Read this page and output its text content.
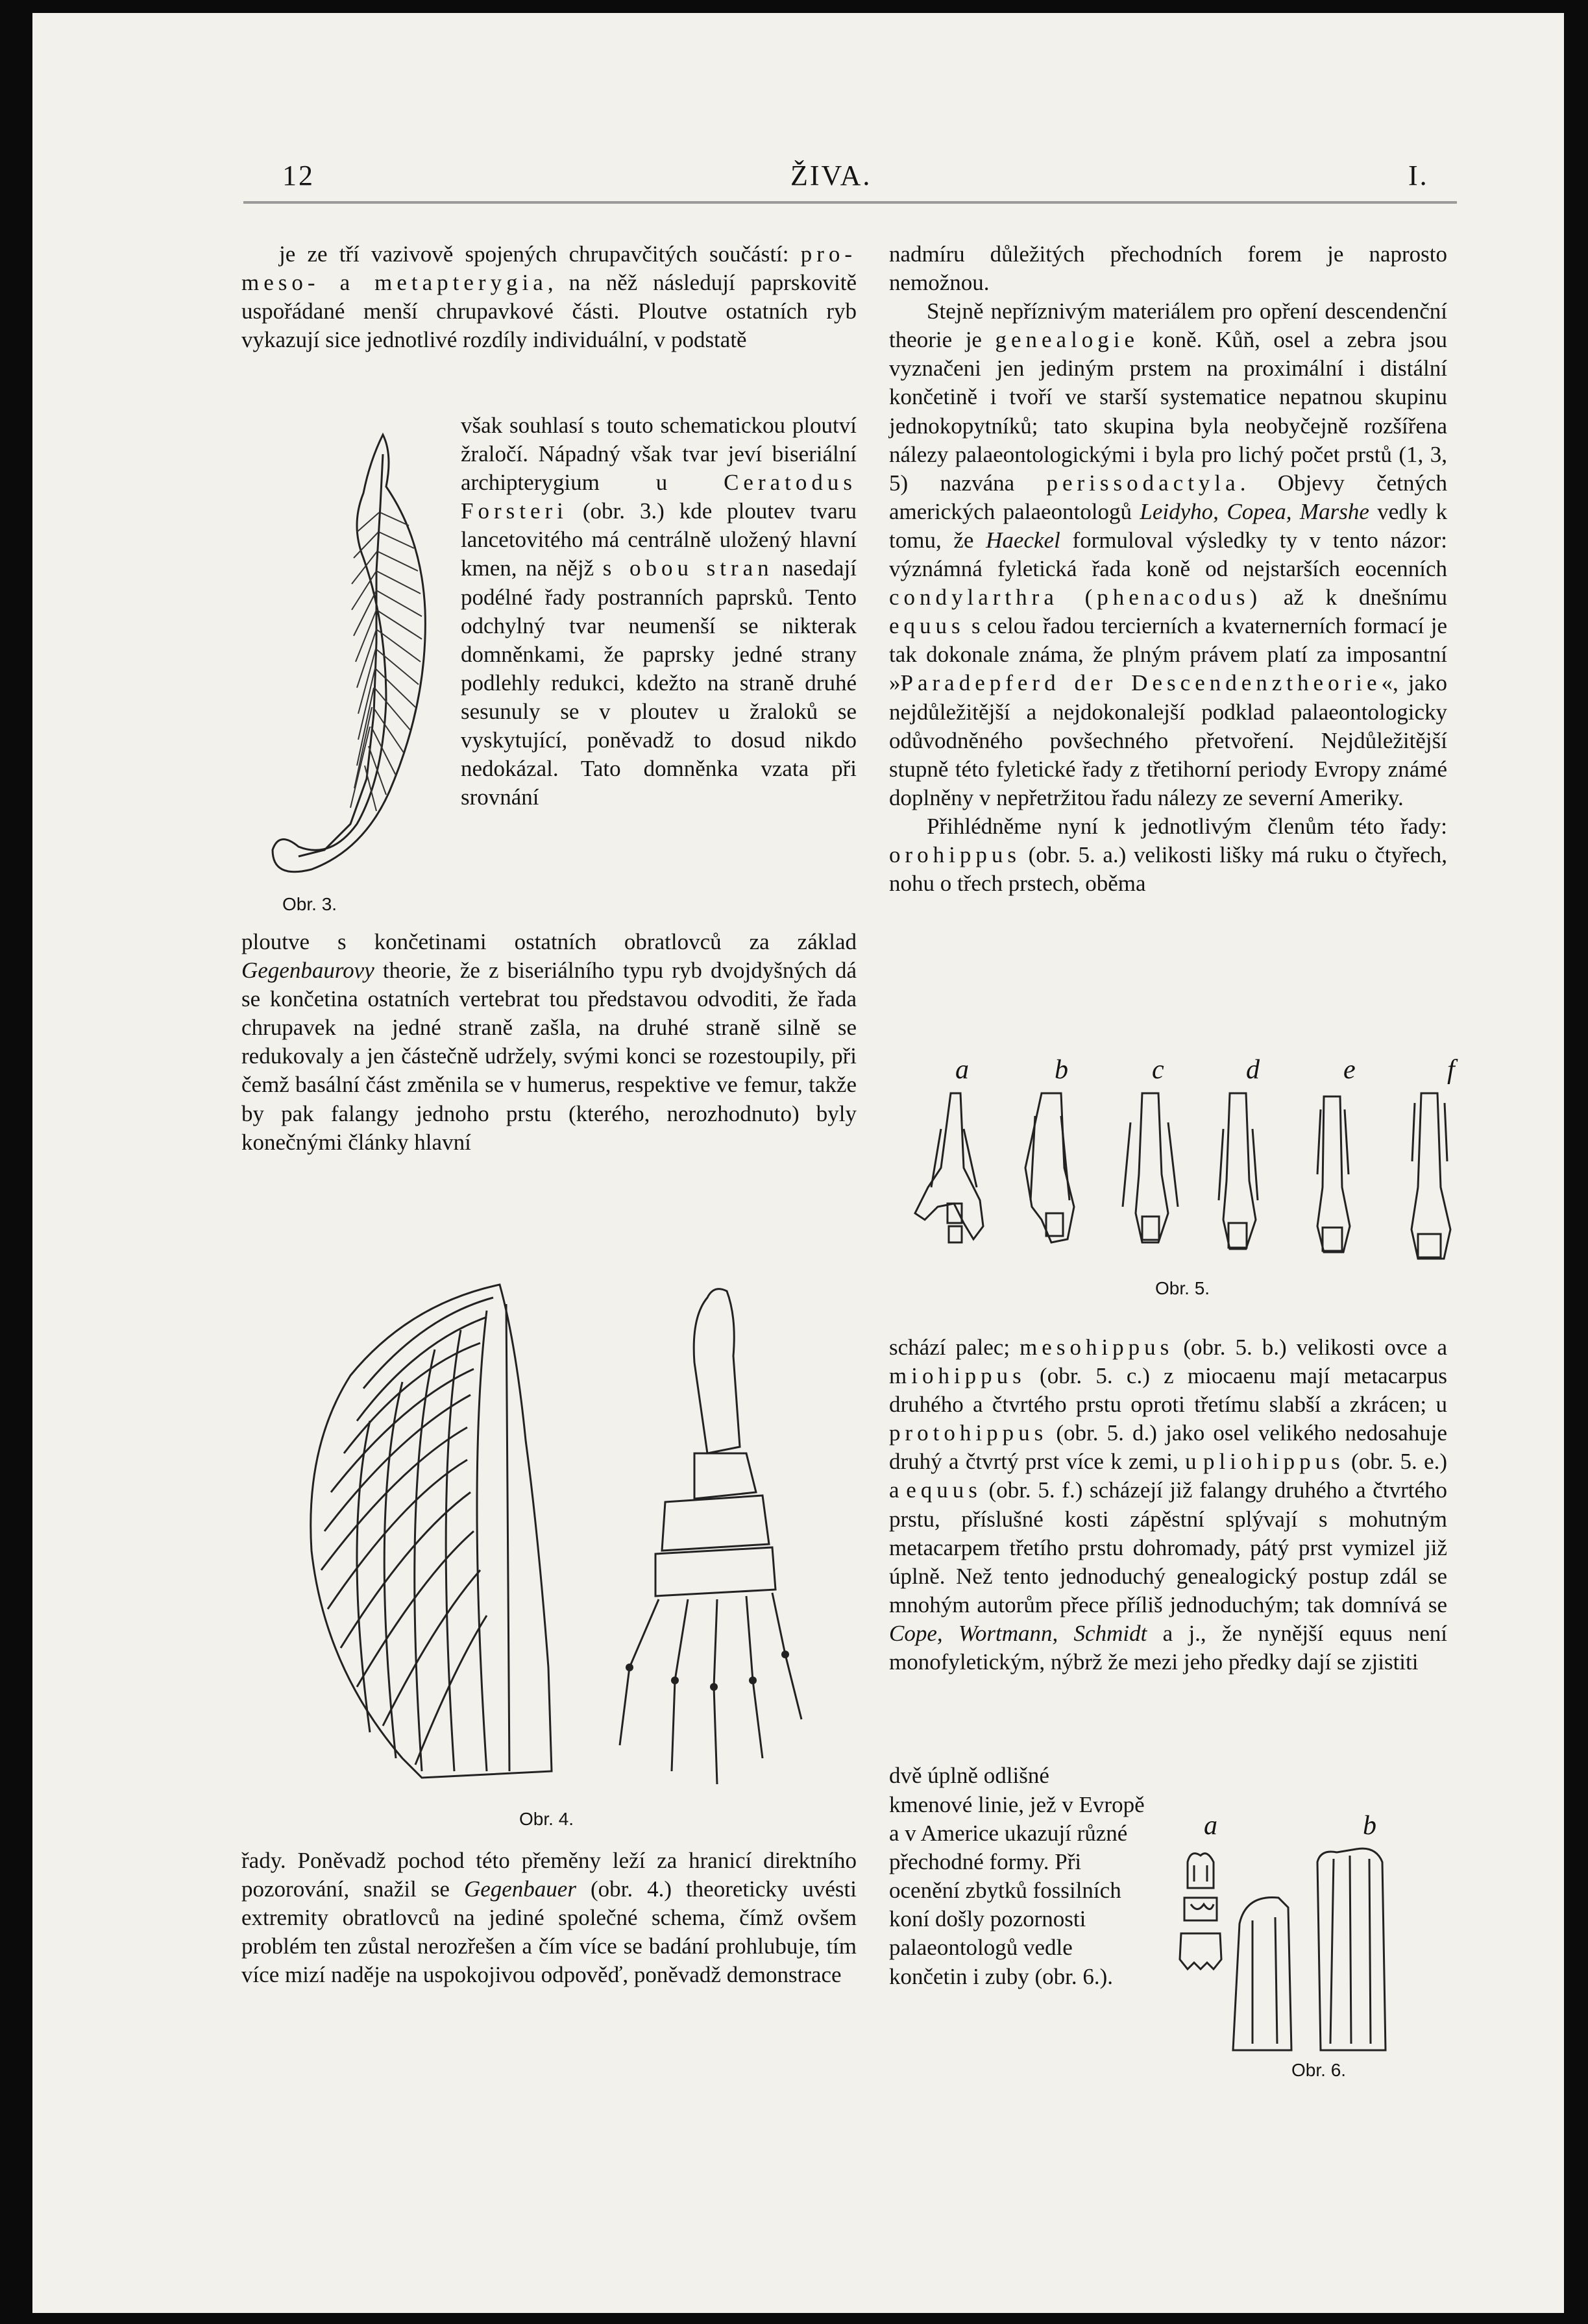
12	ŽIVA.	I.

je ze tří vazivově spojených chrupavčitých součástí: pro-meso- a metapterygia, na něž následují paprskovitě uspořádané menší chrupavkové části. Ploutve ostatních ryb vykazují sice jednotlivé rozdíly individuální, v podstatě

však souhlasí s touto schematickou ploutví žraločí. Nápadný však tvar jeví biseriální archipterygium u Ceratodus Forsteri (obr. 3.) kde ploutev tvaru lancetovitého má centrálně uložený hlavní kmen, na nějž s obou stran nasedají podélné řady postranních paprsků. Tento odchylný tvar neumenší se nikterak domněnkami, že paprsky jedné strany podlehly redukci, kdežto na straně druhé sesunuly se v ploutev u žraloků se vyskytující, poněvadž to dosud nikdo nedokázal. Tato domněnka vzata při srovnání

Obr. 3.

ploutve s končetinami ostatních obratlovců za základ Gegenbaurovy theorie, že z biseriálního typu ryb dvojdyšných dá se končetina ostatních vertebrat tou představou odvoditi, že řada chrupavek na jedné straně zašla, na druhé straně silně se redukovaly a jen částečně udržely, svými konci se rozestoupily, při čemž basální část změnila se v humerus, respektive ve femur, takže by pak falangy jednoho prstu (kterého, nerozhodnuto) byly konečnými články hlavní

Obr. 4.

řady. Poněvadž pochod této přeměny leží za hranicí direktního pozorování, snažil se Gegenbauer (obr. 4.) theoreticky uvésti extremity obratlovců na jediné společné schema, čímž ovšem problém ten zůstal nerozřešen a čím více se badání prohlubuje, tím více mizí naděje na uspokojivou odpověď, poněvadž demonstrace

nadmíru důležitých přechodních forem je naprosto nemožnou.

Stejně nepříznivým materiálem pro opření descendenční theorie je genealogie koně. Kůň, osel a zebra jsou vyznačeni jen jediným prstem na proximální i distální končetině i tvoří ve starší systematice nepatnou skupinu jednokopytníků; tato skupina byla neobyčejně rozšířena nálezy palaeontologickými i byla pro lichý počet prstů (1, 3, 5) nazvána perissodactyla. Objevy četných amerických palaeontologů Leidyho, Copea, Marshe vedly k tomu, že Haeckel formuloval výsledky ty v tento názor: význámná fyletická řada koně od nejstarších eocenních condylarthra (phenacodus) až k dnešnímu equus s celou řadou tercierních a kvaternerních formací je tak dokonale známa, že plným právem platí za imposantní »Paradepferd der Descendenztheorie«, jako nejdůležitější a nejdokonalejší podklad palaeontologicky odůvodněného povšechného přetvoření. Nejdůležitější stupně této fyletické řady z třetihorní periody Evropy známé doplněny v nepřetržitou řadu nálezy ze severní Ameriky.

Přihlédněme nyní k jednotlivým členům této řady: orohippus (obr. 5. a.) velikosti lišky má ruku o čtyřech, nohu o třech prstech, oběma

a	b	c	d	e	f
Obr. 5.

schází palec; mesohippus (obr. 5. b.) velikosti ovce a miohippus (obr. 5. c.) z miocaenu mají metacarpus druhého a čtvrtého prstu oproti třetímu slabší a zkrácen; u protohippus (obr. 5. d.) jako osel velikého nedosahuje druhý a čtvrtý prst více k zemi, u pliohippus (obr. 5. e.) a equus (obr. 5. f.) scházejí již falangy druhého a čtvrtého prstu, příslušné kosti zápěstní splývají s mohutným metacarpem třetího prstu dohromady, pátý prst vymizel již úplně. Než tento jednoduchý genealogický postup zdál se mnohým autorům přece příliš jednoduchým; tak domnívá se Cope, Wortmann, Schmidt a j., že nynější equus není monofyletickým, nýbrž že mezi jeho předky dají se zjistiti

dvě úplně odlišné

kmenové linie, jež v Evropě a v Americe ukazují různé přechodné formy. Při ocenění zbytků fossilních koní došly pozornosti palaeontologů vedle končetin i zuby (obr. 6.).

a	b
Obr. 6.
